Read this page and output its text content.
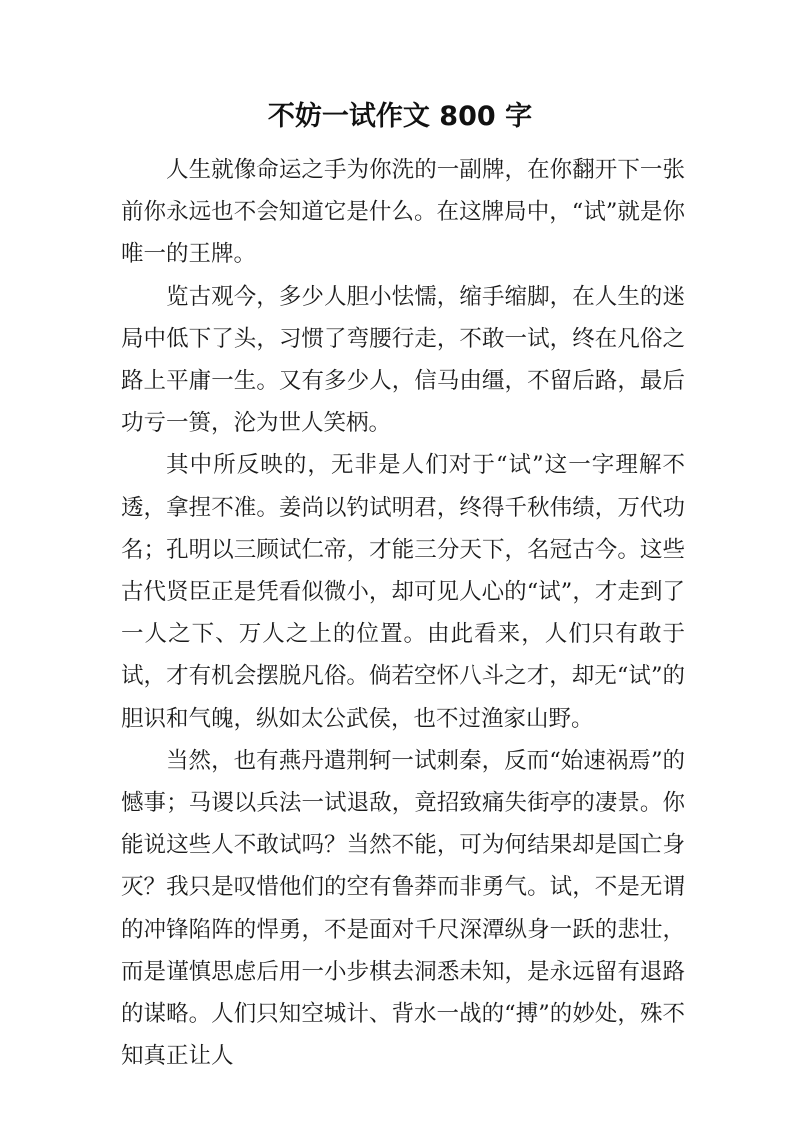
不妨一试作文 800 字

人生就像命运之手为你洗的一副牌，在你翻开下一张前你永远也不会知道它是什么。在这牌局中，“试”就是你唯一的王牌。

览古观今，多少人胆小怯懦，缩手缩脚，在人生的迷局中低下了头，习惯了弯腰行走，不敢一试，终在凡俗之路上平庸一生。又有多少人，信马由缰，不留后路，最后功亏一篑，沦为世人笑柄。

其中所反映的，无非是人们对于“试”这一字理解不透，拿捏不准。姜尚以钓试明君，终得千秋伟绩，万代功名；孔明以三顾试仁帝，才能三分天下，名冠古今。这些古代贤臣正是凭看似微小，却可见人心的“试”，才走到了一人之下、万人之上的位置。由此看来，人们只有敢于试，才有机会摆脱凡俗。倘若空怀八斗之才，却无“试”的胆识和气魄，纵如太公武侯，也不过渔家山野。

当然，也有燕丹遣荆轲一试刺秦，反而“始速祸焉”的憾事；马谡以兵法一试退敌，竟招致痛失街亭的凄景。你能说这些人不敢试吗？当然不能，可为何结果却是国亡身灭？我只是叹惜他们的空有鲁莽而非勇气。试，不是无谓的冲锋陷阵的悍勇，不是面对千尺深潭纵身一跃的悲壮，而是谨慎思虑后用一小步棋去洞悉未知，是永远留有退路的谋略。人们只知空城计、背水一战的“搏”的妙处，殊不知真正让人
